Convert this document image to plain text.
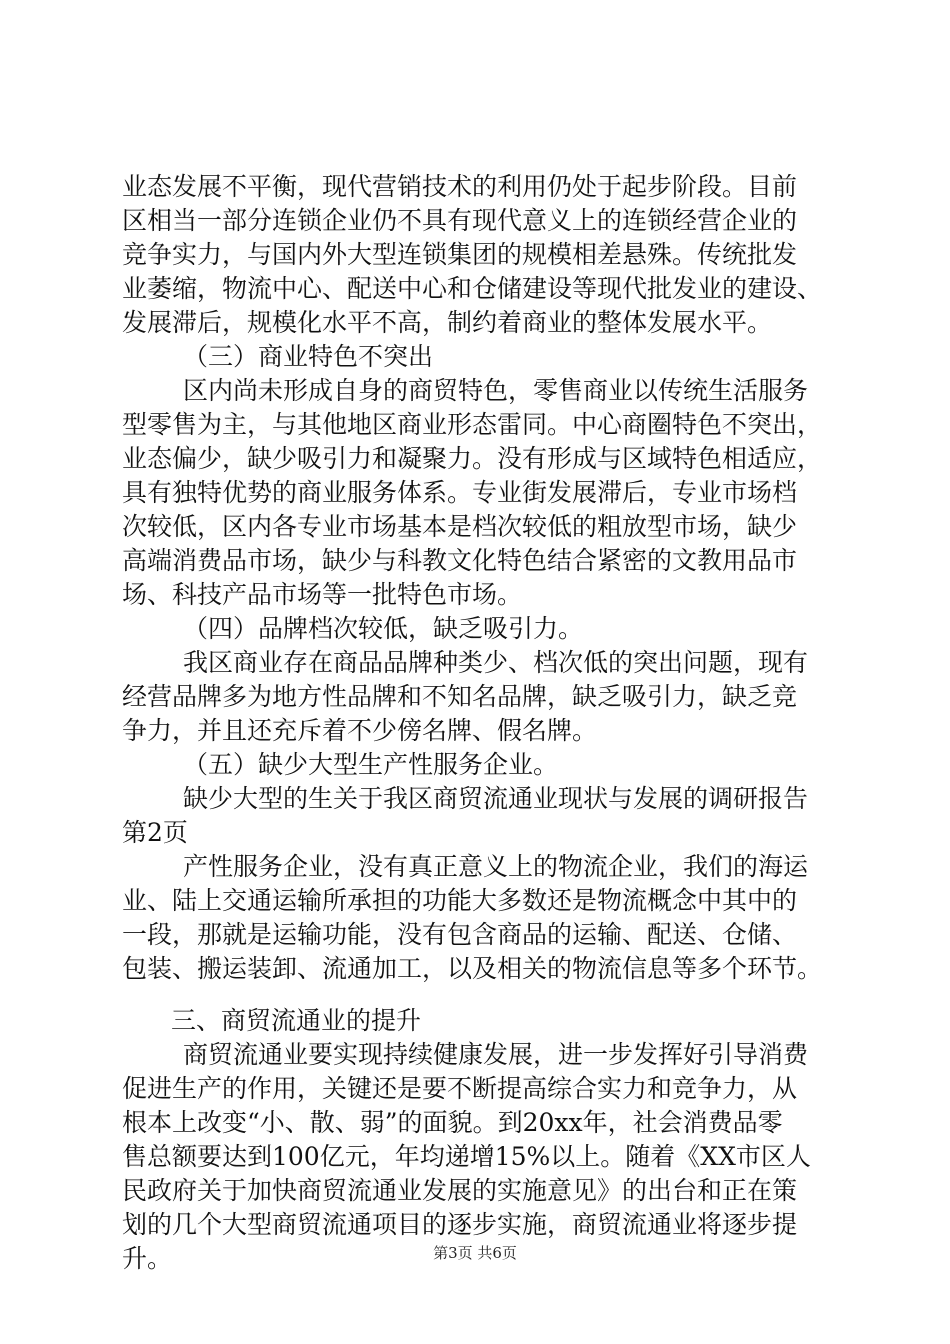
业态发展不平衡，现代营销技术的利用仍处于起步阶段。目前
区相当一部分连锁企业仍不具有现代意义上的连锁经营企业的
竞争实力，与国内外大型连锁集团的规模相差悬殊。传统批发
业萎缩，物流中心、配送中心和仓储建设等现代批发业的建设、
发展滞后，规模化水平不高，制约着商业的整体发展水平。
（三）商业特色不突出
区内尚未形成自身的商贸特色，零售商业以传统生活服务
型零售为主，与其他地区商业形态雷同。中心商圈特色不突出，
业态偏少，缺少吸引力和凝聚力。没有形成与区域特色相适应，
具有独特优势的商业服务体系。专业街发展滞后，专业市场档
次较低，区内各专业市场基本是档次较低的粗放型市场，缺少
高端消费品市场，缺少与科教文化特色结合紧密的文教用品市
场、科技产品市场等一批特色市场。
（四）品牌档次较低，缺乏吸引力。
我区商业存在商品品牌种类少、档次低的突出问题，现有
经营品牌多为地方性品牌和不知名品牌，缺乏吸引力，缺乏竞
争力，并且还充斥着不少傍名牌、假名牌。
（五）缺少大型生产性服务企业。
缺少大型的生关于我区商贸流通业现状与发展的调研报告
第2页
产性服务企业，没有真正意义上的物流企业，我们的海运
业、陆上交通运输所承担的功能大多数还是物流概念中其中的
一段，那就是运输功能，没有包含商品的运输、配送、仓储、
包装、搬运装卸、流通加工，以及相关的物流信息等多个环节。
三、商贸流通业的提升
商贸流通业要实现持续健康发展，进一步发挥好引导消费
促进生产的作用，关键还是要不断提高综合实力和竞争力，从
根本上改变“小、散、弱”的面貌。到20xx年，社会消费品零
售总额要达到100亿元，年均递增15%以上。随着《XX市区人
民政府关于加快商贸流通业发展的实施意见》的出台和正在策
划的几个大型商贸流通项目的逐步实施，商贸流通业将逐步提
升。	第3页 共6页
